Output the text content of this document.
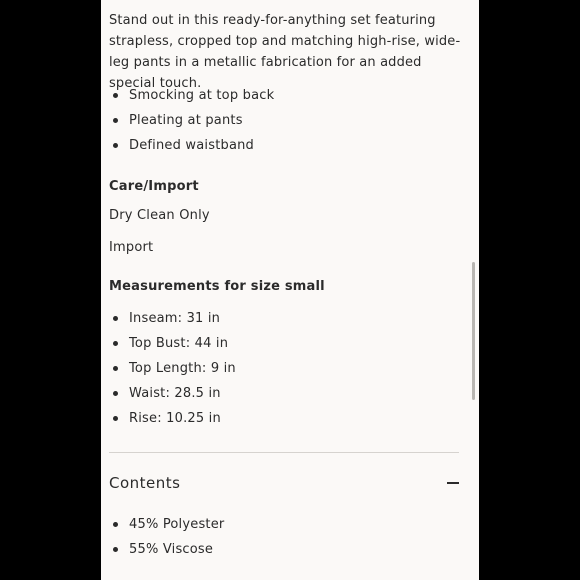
Stand out in this ready-for-anything set featuring strapless, cropped top and matching high-rise, wide-leg pants in a metallic fabrication for an added special touch.

Smocking at top back
Pleating at pants
Defined waistband
Care/Import
Dry Clean Only
Import
Measurements for size small
Inseam: 31 in
Top Bust: 44 in
Top Length: 9 in
Waist: 28.5 in
Rise: 10.25 in
Contents
45% Polyester
55% Viscose
